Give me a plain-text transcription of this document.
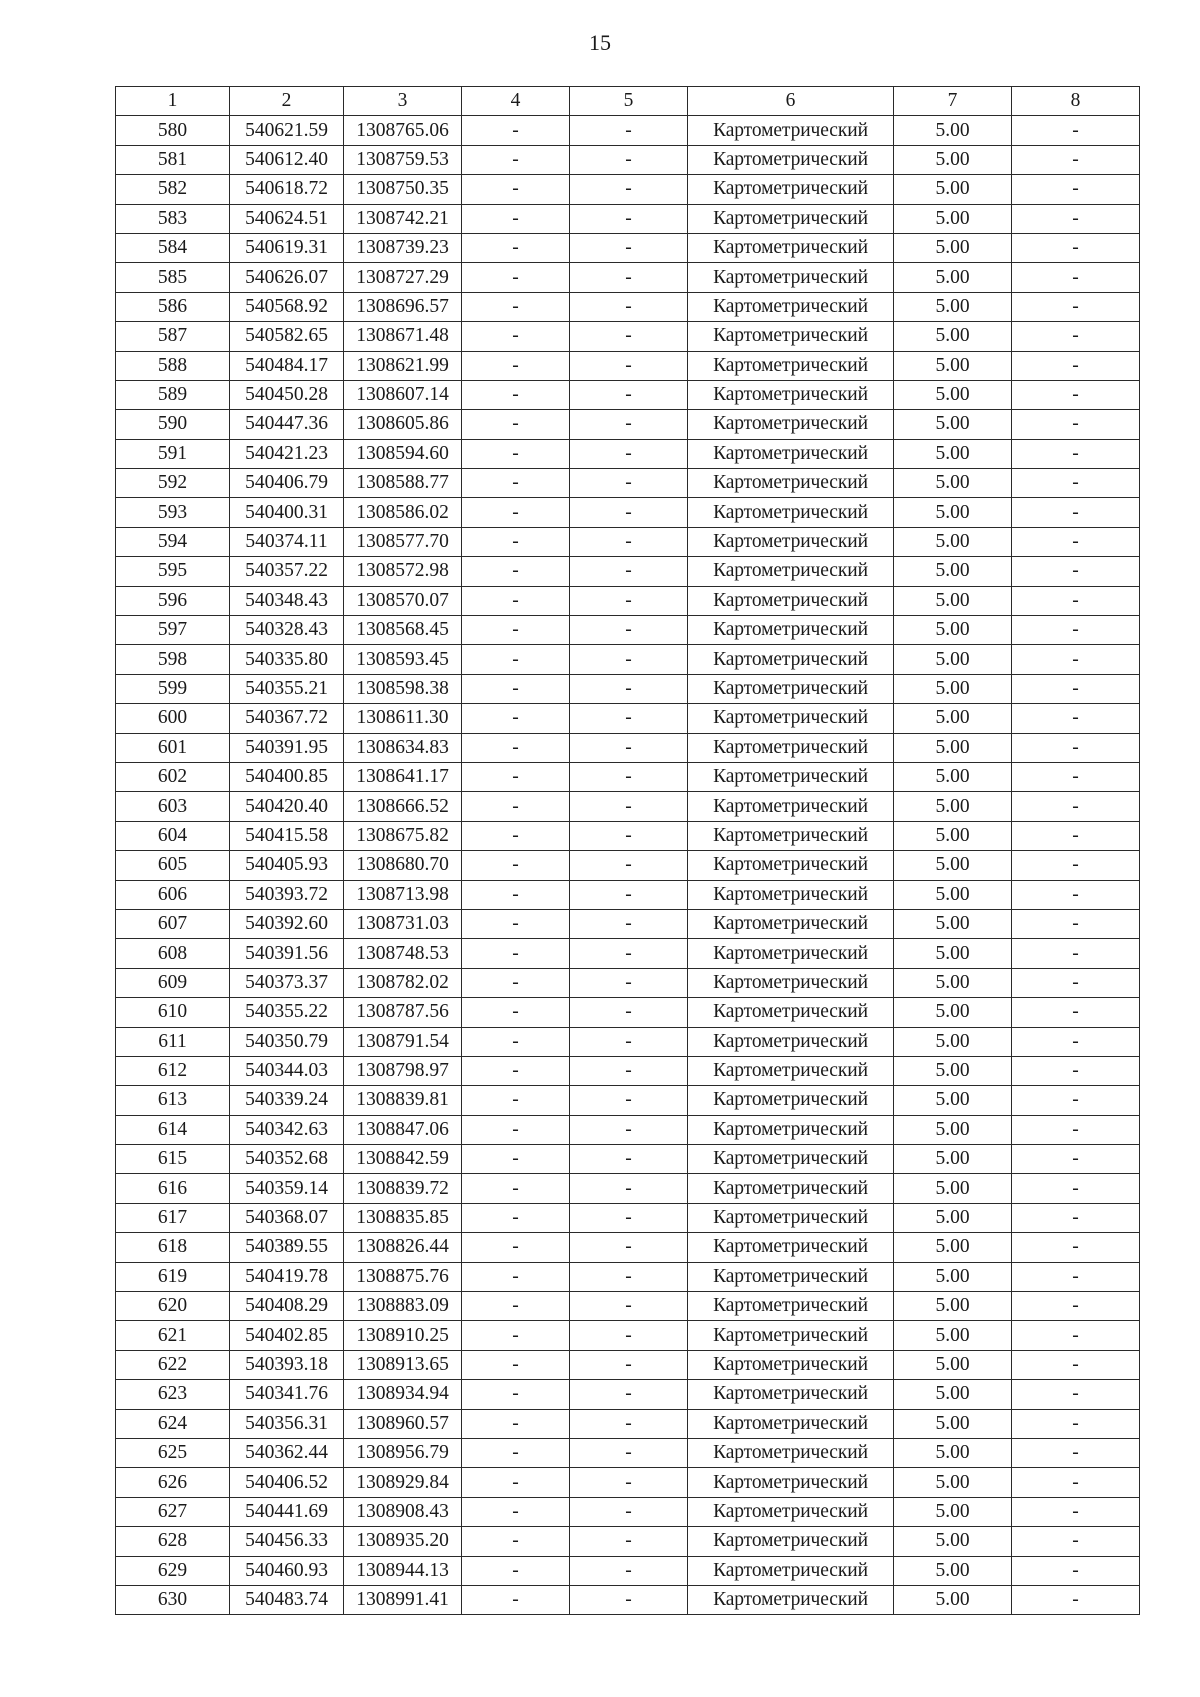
15
1	2	3	4	5	6	7	8
580	540621.59	1308765.06	-	-	Картометрический	5.00	-
581	540612.40	1308759.53	-	-	Картометрический	5.00	-
582	540618.72	1308750.35	-	-	Картометрический	5.00	-
583	540624.51	1308742.21	-	-	Картометрический	5.00	-
584	540619.31	1308739.23	-	-	Картометрический	5.00	-
585	540626.07	1308727.29	-	-	Картометрический	5.00	-
586	540568.92	1308696.57	-	-	Картометрический	5.00	-
587	540582.65	1308671.48	-	-	Картометрический	5.00	-
588	540484.17	1308621.99	-	-	Картометрический	5.00	-
589	540450.28	1308607.14	-	-	Картометрический	5.00	-
590	540447.36	1308605.86	-	-	Картометрический	5.00	-
591	540421.23	1308594.60	-	-	Картометрический	5.00	-
592	540406.79	1308588.77	-	-	Картометрический	5.00	-
593	540400.31	1308586.02	-	-	Картометрический	5.00	-
594	540374.11	1308577.70	-	-	Картометрический	5.00	-
595	540357.22	1308572.98	-	-	Картометрический	5.00	-
596	540348.43	1308570.07	-	-	Картометрический	5.00	-
597	540328.43	1308568.45	-	-	Картометрический	5.00	-
598	540335.80	1308593.45	-	-	Картометрический	5.00	-
599	540355.21	1308598.38	-	-	Картометрический	5.00	-
600	540367.72	1308611.30	-	-	Картометрический	5.00	-
601	540391.95	1308634.83	-	-	Картометрический	5.00	-
602	540400.85	1308641.17	-	-	Картометрический	5.00	-
603	540420.40	1308666.52	-	-	Картометрический	5.00	-
604	540415.58	1308675.82	-	-	Картометрический	5.00	-
605	540405.93	1308680.70	-	-	Картометрический	5.00	-
606	540393.72	1308713.98	-	-	Картометрический	5.00	-
607	540392.60	1308731.03	-	-	Картометрический	5.00	-
608	540391.56	1308748.53	-	-	Картометрический	5.00	-
609	540373.37	1308782.02	-	-	Картометрический	5.00	-
610	540355.22	1308787.56	-	-	Картометрический	5.00	-
611	540350.79	1308791.54	-	-	Картометрический	5.00	-
612	540344.03	1308798.97	-	-	Картометрический	5.00	-
613	540339.24	1308839.81	-	-	Картометрический	5.00	-
614	540342.63	1308847.06	-	-	Картометрический	5.00	-
615	540352.68	1308842.59	-	-	Картометрический	5.00	-
616	540359.14	1308839.72	-	-	Картометрический	5.00	-
617	540368.07	1308835.85	-	-	Картометрический	5.00	-
618	540389.55	1308826.44	-	-	Картометрический	5.00	-
619	540419.78	1308875.76	-	-	Картометрический	5.00	-
620	540408.29	1308883.09	-	-	Картометрический	5.00	-
621	540402.85	1308910.25	-	-	Картометрический	5.00	-
622	540393.18	1308913.65	-	-	Картометрический	5.00	-
623	540341.76	1308934.94	-	-	Картометрический	5.00	-
624	540356.31	1308960.57	-	-	Картометрический	5.00	-
625	540362.44	1308956.79	-	-	Картометрический	5.00	-
626	540406.52	1308929.84	-	-	Картометрический	5.00	-
627	540441.69	1308908.43	-	-	Картометрический	5.00	-
628	540456.33	1308935.20	-	-	Картометрический	5.00	-
629	540460.93	1308944.13	-	-	Картометрический	5.00	-
630	540483.74	1308991.41	-	-	Картометрический	5.00	-
